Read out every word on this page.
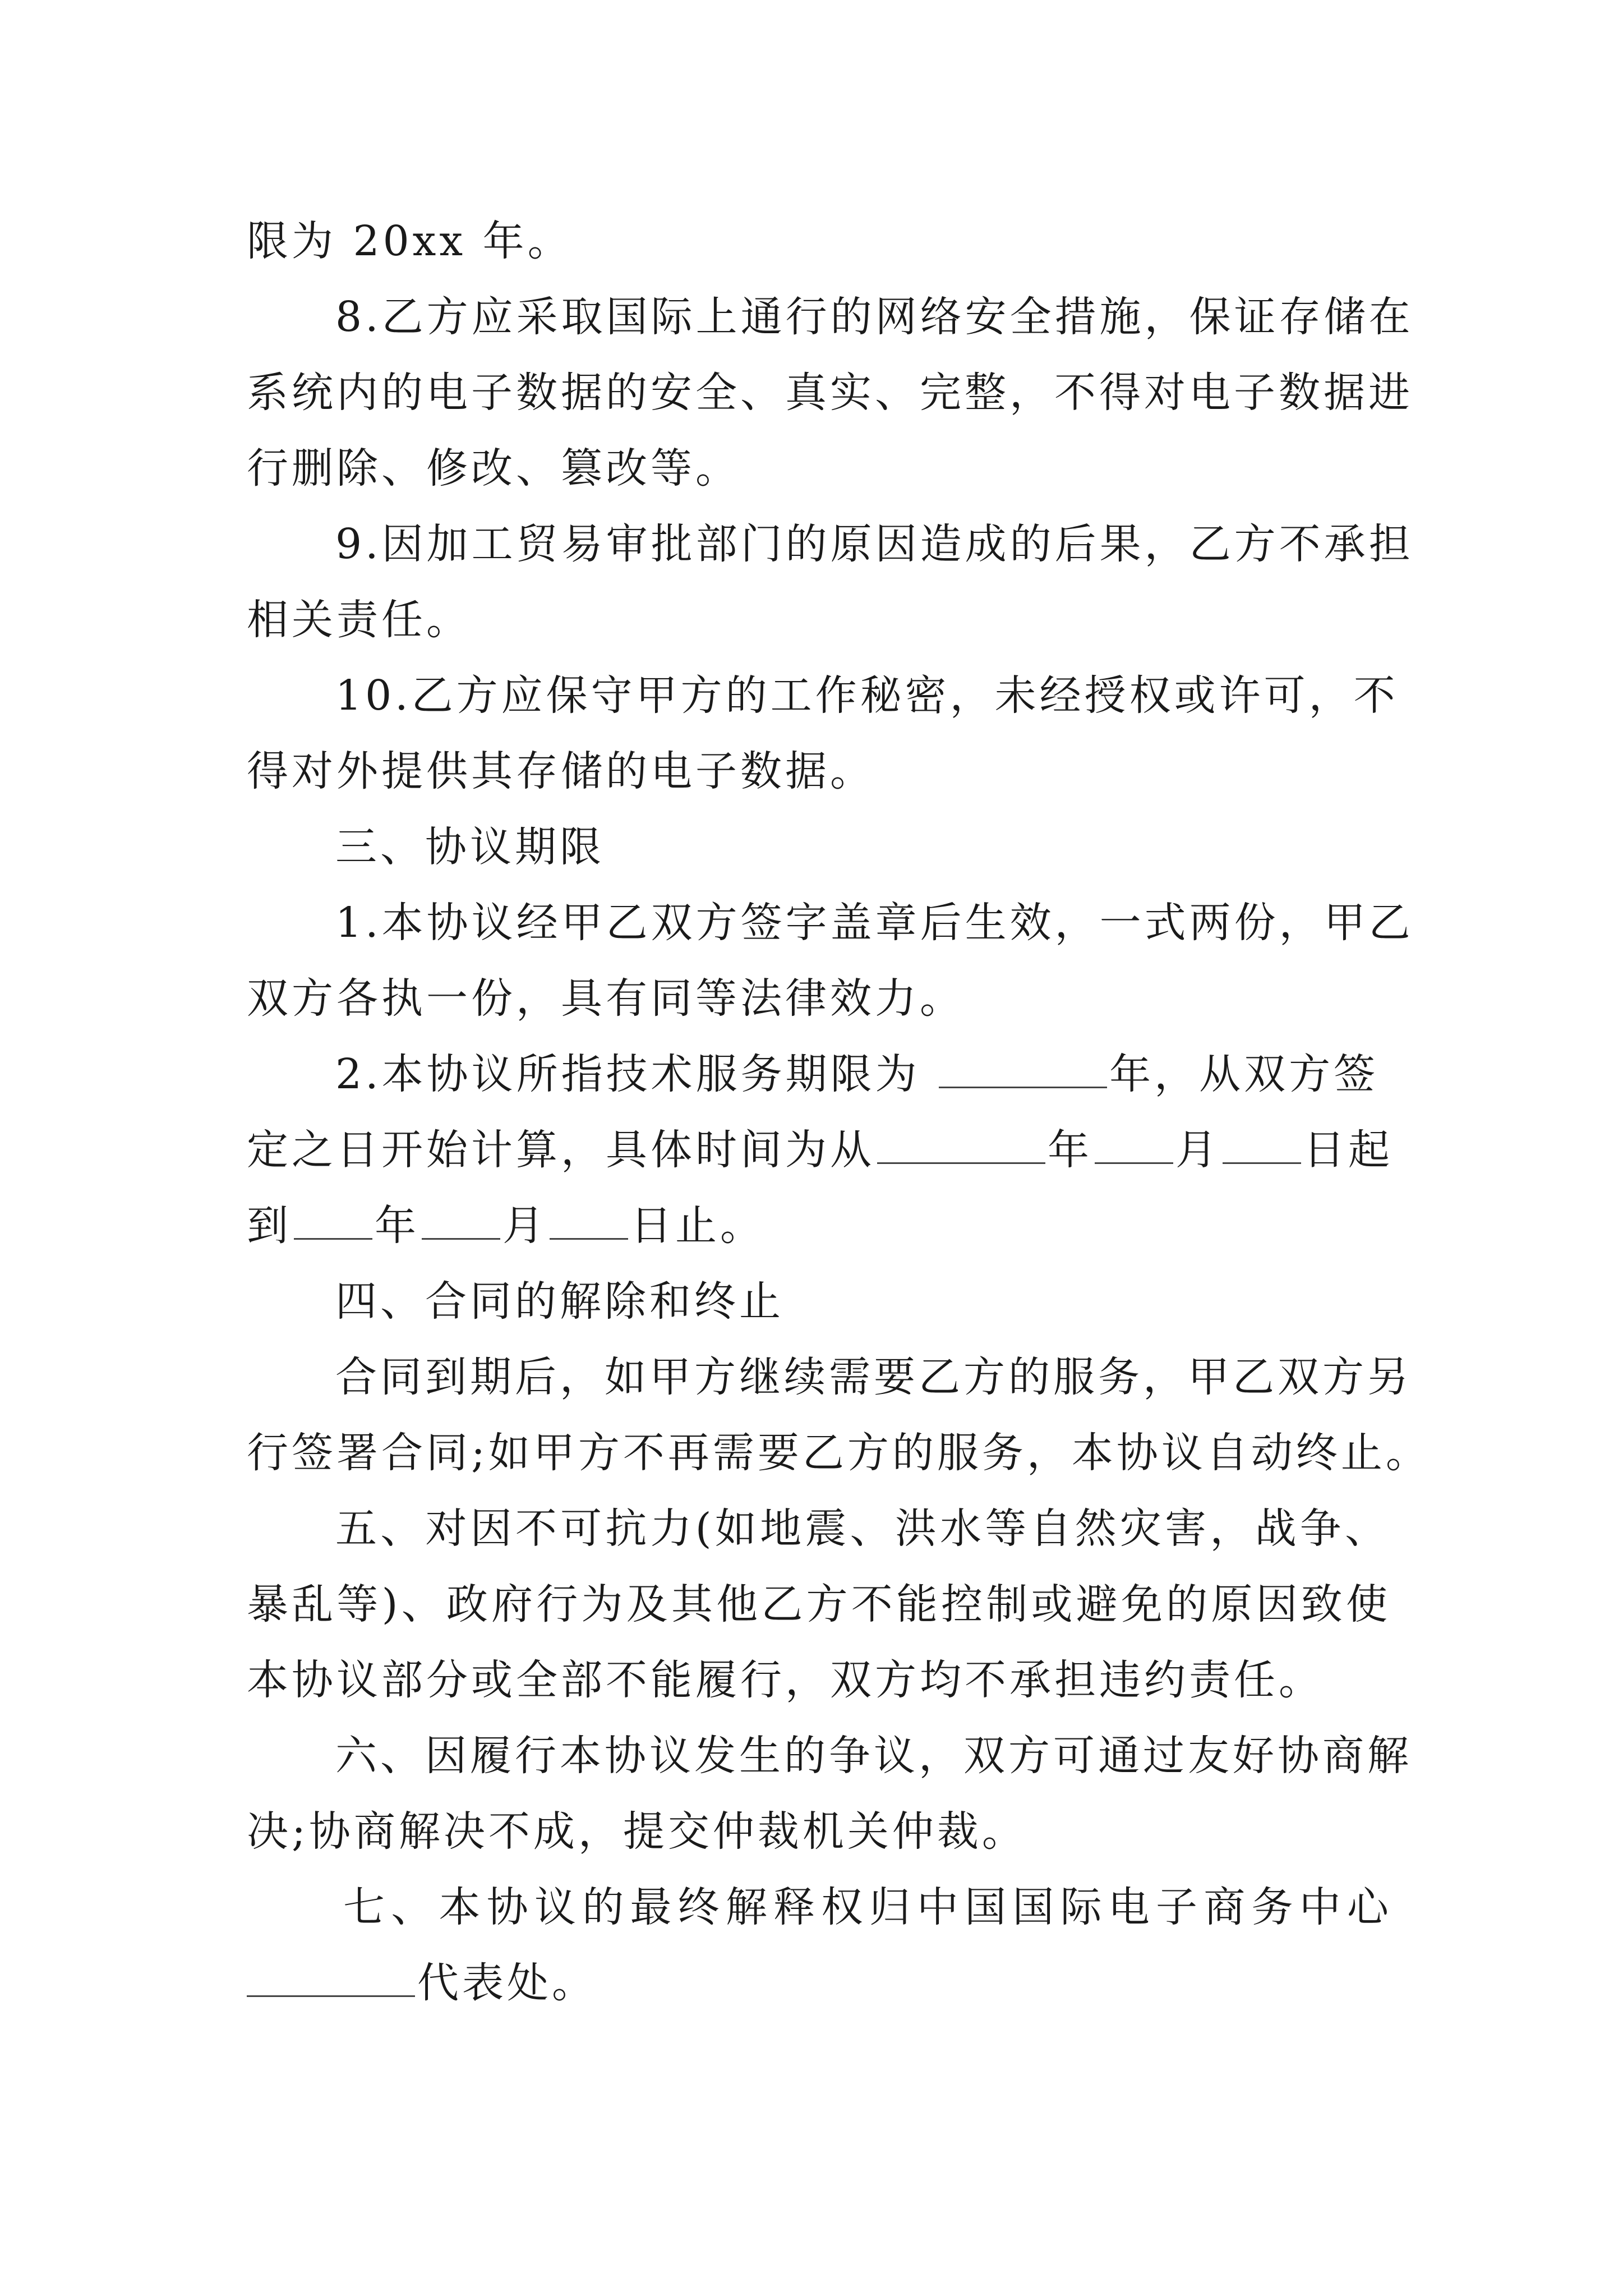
限为 20xx 年。
8.乙方应采取国际上通行的网络安全措施，保证存储在
系统内的电子数据的安全、真实、完整，不得对电子数据进
行删除、修改、篡改等。
9.因加工贸易审批部门的原因造成的后果，乙方不承担
相关责任。
10.乙方应保守甲方的工作秘密，未经授权或许可，不
得对外提供其存储的电子数据。
三、协议期限
1.本协议经甲乙双方签字盖章后生效，一式两份，甲乙
双方各执一份，具有同等法律效力。
2.本协议所指技术服务期限为	年，从双方签
定之日开始计算，具体时间为从	年 月 日起
到 年 月 日止。
四、合同的解除和终止
合同到期后，如甲方继续需要乙方的服务，甲乙双方另
行签署合同;如甲方不再需要乙方的服务，本协议自动终止。
五、对因不可抗力(如地震、洪水等自然灾害，战争、
暴乱等)、政府行为及其他乙方不能控制或避免的原因致使
本协议部分或全部不能履行，双方均不承担违约责任。
六、因履行本协议发生的争议，双方可通过友好协商解
决;协商解决不成，提交仲裁机关仲裁。
七、本协议的最终解释权归中国国际电子商务中心
代表处。
